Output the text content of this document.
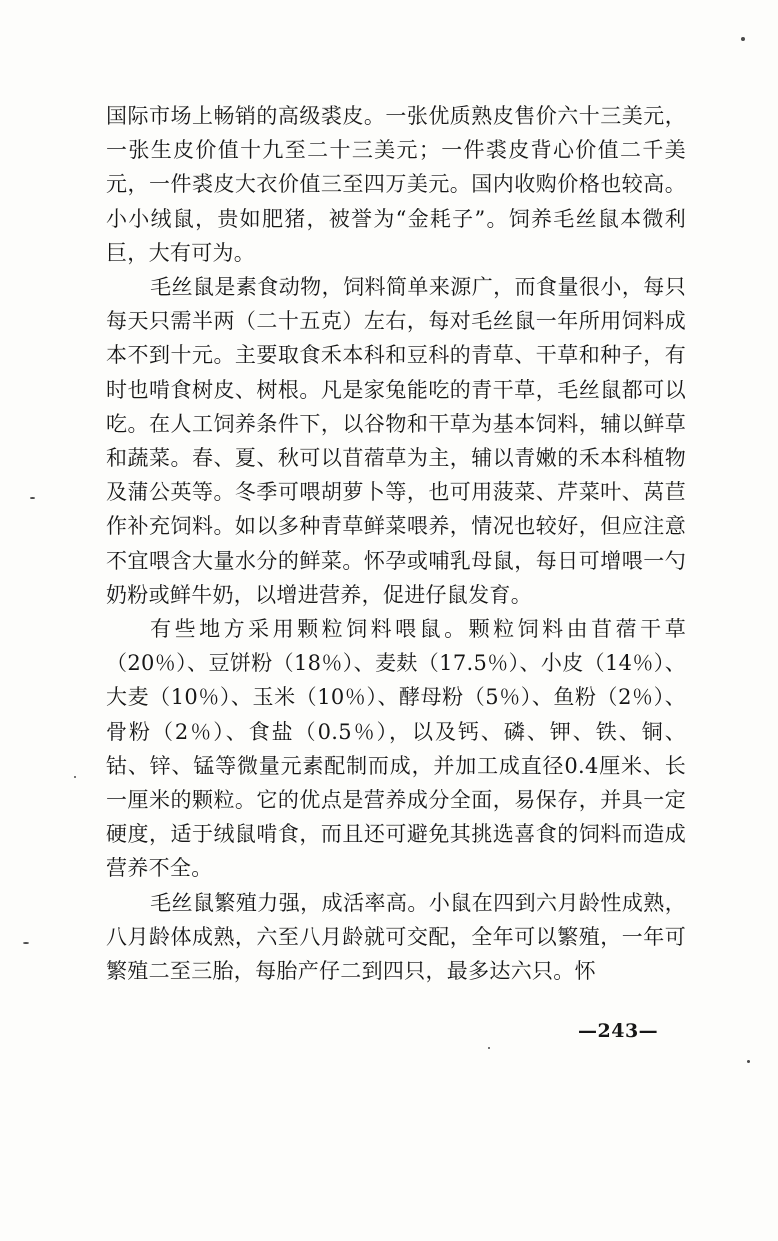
国际市场上畅销的高级裘皮。一张优质熟皮售价六十三美元，一张生皮价值十九至二十三美元；一件裘皮背心价值二千美元，一件裘皮大衣价值三至四万美元。国内收购价格也较高。小小绒鼠，贵如肥猪，被誉为“金耗子”。饲养毛丝鼠本微利巨，大有可为。

毛丝鼠是素食动物，饲料简单来源广，而食量很小，每只每天只需半两（二十五克）左右，每对毛丝鼠一年所用饲料成本不到十元。主要取食禾本科和豆科的青草、干草和种子，有时也啃食树皮、树根。凡是家兔能吃的青干草，毛丝鼠都可以吃。在人工饲养条件下，以谷物和干草为基本饲料，辅以鲜草和蔬菜。春、夏、秋可以苜蓿草为主，辅以青嫩的禾本科植物及蒲公英等。冬季可喂胡萝卜等，也可用菠菜、芹菜叶、莴苣作补充饲料。如以多种青草鲜菜喂养，情况也较好，但应注意不宜喂含大量水分的鲜菜。怀孕或哺乳母鼠，每日可增喂一勺奶粉或鲜牛奶，以增进营养，促进仔鼠发育。

有些地方采用颗粒饲料喂鼠。颗粒饲料由苜蓿干草（20％）、豆饼粉（18％）、麦麸（17.5％）、小皮（14％）、大麦（10％）、玉米（10％）、酵母粉（5％）、鱼粉（2％）、骨粉（2％）、食盐（0.5％），以及钙、磷、钾、铁、铜、钴、锌、锰等微量元素配制而成，并加工成直径0.4厘米、长一厘米的颗粒。它的优点是营养成分全面，易保存，并具一定硬度，适于绒鼠啃食，而且还可避免其挑选喜食的饲料而造成营养不全。

毛丝鼠繁殖力强，成活率高。小鼠在四到六月龄性成熟，八月龄体成熟，六至八月龄就可交配，全年可以繁殖，一年可繁殖二至三胎，每胎产仔二到四只，最多达六只。怀

—243—
